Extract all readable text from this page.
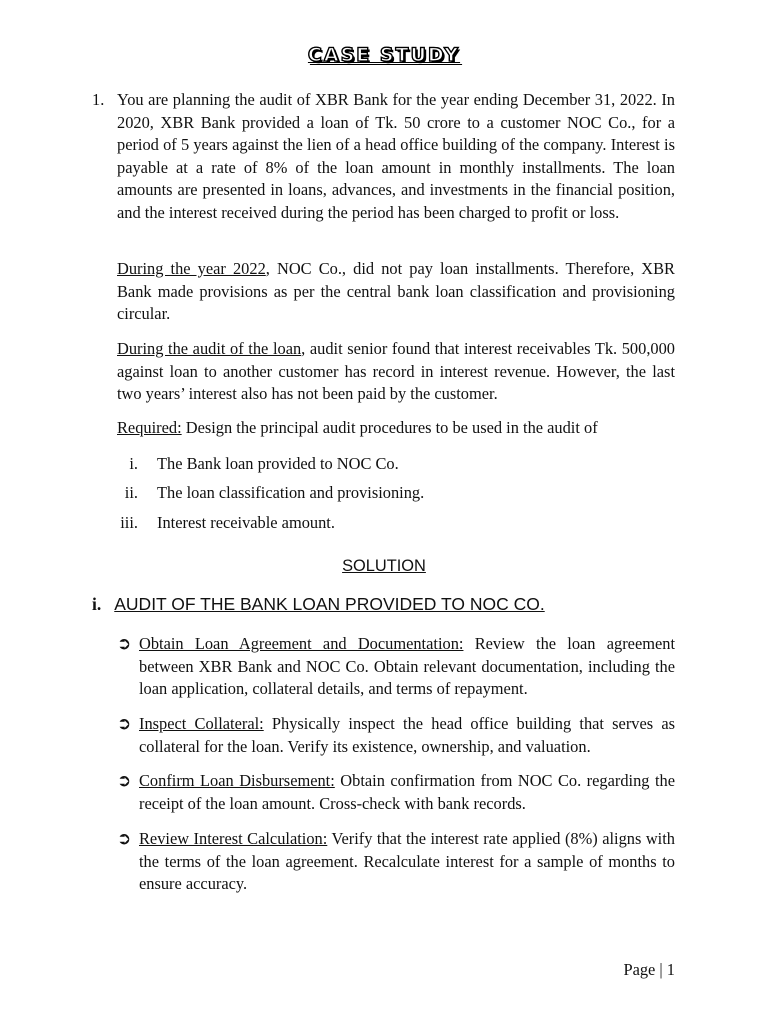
CASE STUDY
1. You are planning the audit of XBR Bank for the year ending December 31, 2022. In 2020, XBR Bank provided a loan of Tk. 50 crore to a customer NOC Co., for a period of 5 years against the lien of a head office building of the company. Interest is payable at a rate of 8% of the loan amount in monthly installments. The loan amounts are presented in loans, advances, and investments in the financial position, and the interest received during the period has been charged to profit or loss.
During the year 2022, NOC Co., did not pay loan installments. Therefore, XBR Bank made provisions as per the central bank loan classification and provisioning circular.
During the audit of the loan, audit senior found that interest receivables Tk. 500,000 against loan to another customer has record in interest revenue. However, the last two years’ interest also has not been paid by the customer.
Required: Design the principal audit procedures to be used in the audit of
i. The Bank loan provided to NOC Co.
ii. The loan classification and provisioning.
iii. Interest receivable amount.
SOLUTION
i. AUDIT OF THE BANK LOAN PROVIDED TO NOC CO.
➲ Obtain Loan Agreement and Documentation: Review the loan agreement between XBR Bank and NOC Co. Obtain relevant documentation, including the loan application, collateral details, and terms of repayment.
➲ Inspect Collateral: Physically inspect the head office building that serves as collateral for the loan. Verify its existence, ownership, and valuation.
➲ Confirm Loan Disbursement: Obtain confirmation from NOC Co. regarding the receipt of the loan amount. Cross-check with bank records.
➲ Review Interest Calculation: Verify that the interest rate applied (8%) aligns with the terms of the loan agreement. Recalculate interest for a sample of months to ensure accuracy.
Page | 1
